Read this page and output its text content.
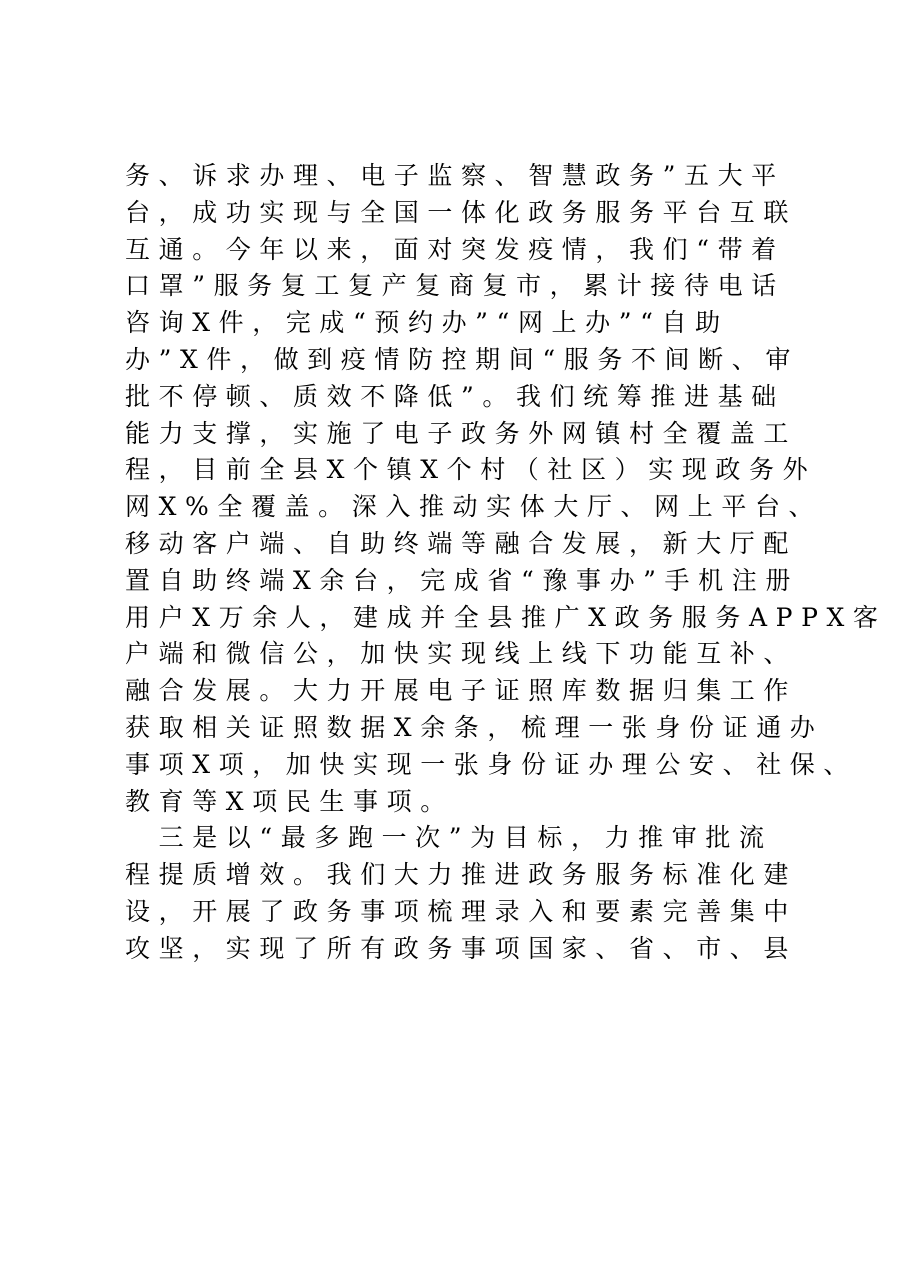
务、诉求办理、电子监察、智慧政务”五大平

台，成功实现与全国一体化政务服务平台互联

互通。今年以来，面对突发疫情，我们“带着

口罩”服务复工复产复商复市，累计接待电话

咨询X件，完成“预约办”“网上办”“自助

办”X件，做到疫情防控期间“服务不间断、审

批不停顿、质效不降低”。我们统筹推进基础

能力支撑，实施了电子政务外网镇村全覆盖工

程，目前全县X个镇X个村（社区）实现政务外

网X%全覆盖。深入推动实体大厅、网上平台、

移动客户端、自助终端等融合发展，新大厅配

置自助终端X余台，完成省“豫事办”手机注册

用户X万余人，建成并全县推广X政务服务APPX客

户端和微信公，加快实现线上线下功能互补、

融合发展。大力开展电子证照库数据归集工作

获取相关证照数据X余条，梳理一张身份证通办

事项X项，加快实现一张身份证办理公安、社保、

教育等X项民生事项。

　三是以“最多跑一次”为目标，力推审批流

程提质增效。我们大力推进政务服务标准化建

设，开展了政务事项梳理录入和要素完善集中

攻坚，实现了所有政务事项国家、省、市、县
